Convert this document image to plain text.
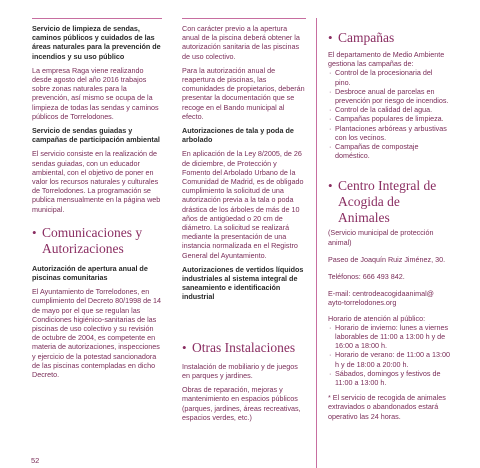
Servicio de limpieza de sendas, caminos públicos y cuidados de las áreas naturales para la prevención de incendios y su uso público

La empresa Raga viene realizando desde agosto del año 2016 trabajos sobre zonas naturales para la prevención, así mismo se ocupa de la limpieza de todas las sendas y caminos públicos de Torrelodones.

Servicio de sendas guiadas y campañas de participación ambiental

El servicio consiste en la realización de sendas guiadas, con un educador ambiental, con el objetivo de poner en valor los recursos naturales y culturales de Torrelodones. La programación se publica mensualmente en la página web municipal.

• Comunicaciones y Autorizaciones
Autorización de apertura anual de piscinas comunitarias

El Ayuntamiento de Torrelodones, en cumplimiento del Decreto 80/1998 de 14 de mayo por el que se regulan las Condiciones higiénico-sanitarias de las piscinas de uso colectivo y su revisión de octubre de 2004, es competente en materia de autorizaciones, inspecciones y ejercicio de la potestad sancionadora de las piscinas contempladas en dicho Decreto.

52

Con carácter previo a la apertura anual de la piscina deberá obtener la autorización sanitaria de las piscinas de uso colectivo.

Para la autorización anual de reapertura de piscinas, las comunidades de propietarios, deberán presentar la documentación que se recoge en el Bando municipal al efecto.

Autorizaciones de tala y poda de arbolado

En aplicación de la Ley 8/2005, de 26 de diciembre, de Protección y Fomento del Arbolado Urbano de la Comunidad de Madrid, es de obligado cumplimiento la solicitud de una autorización previa a la tala o poda drástica de los árboles de más de 10 años de antigüedad o 20 cm de diámetro. La solicitud se realizará mediante la presentación de una instancia normalizada en el Registro General del Ayuntamiento.

Autorizaciones de vertidos líquidos industriales al sistema integral de saneamiento e identificación industrial
• Otras Instalaciones

Instalación de mobiliario y de juegos en parques y jardines.

Obras de reparación, mejoras y mantenimiento en espacios públicos (parques, jardines, áreas recreativas, espacios verdes, etc.)

• Campañas

El departamento de Medio Ambiente gestiona las campañas de:

· Control de la procesionaria del pino.
· Desbroce anual de parcelas en prevención por riesgo de incendios.
· Control de la calidad del agua.
· Campañas populares de limpieza.
· Plantaciones arbóreas y arbustivas con los vecinos.
· Campañas de compostaje doméstico.
• Centro Integral de Acogida de Animales

(Servicio municipal de protección animal)

Paseo de Joaquín Ruiz Jiménez, 30.

Teléfonos: 666 493 842.

E-mail: centrodeacogidaanimal@ ayto-torrelodones.org

Horario de atención al público:

· Horario de invierno: lunes a viernes laborables de 11:00 a 13:00 h y de 16:00 a 18:00 h.
· Horario de verano: de 11:00 a 13:00 h y de 18:00 a 20:00 h.
· Sábados, domingos y festivos de 11:00 a 13:00 h.

* El servicio de recogida de animales extraviados o abandonados estará operativo las 24 horas.
